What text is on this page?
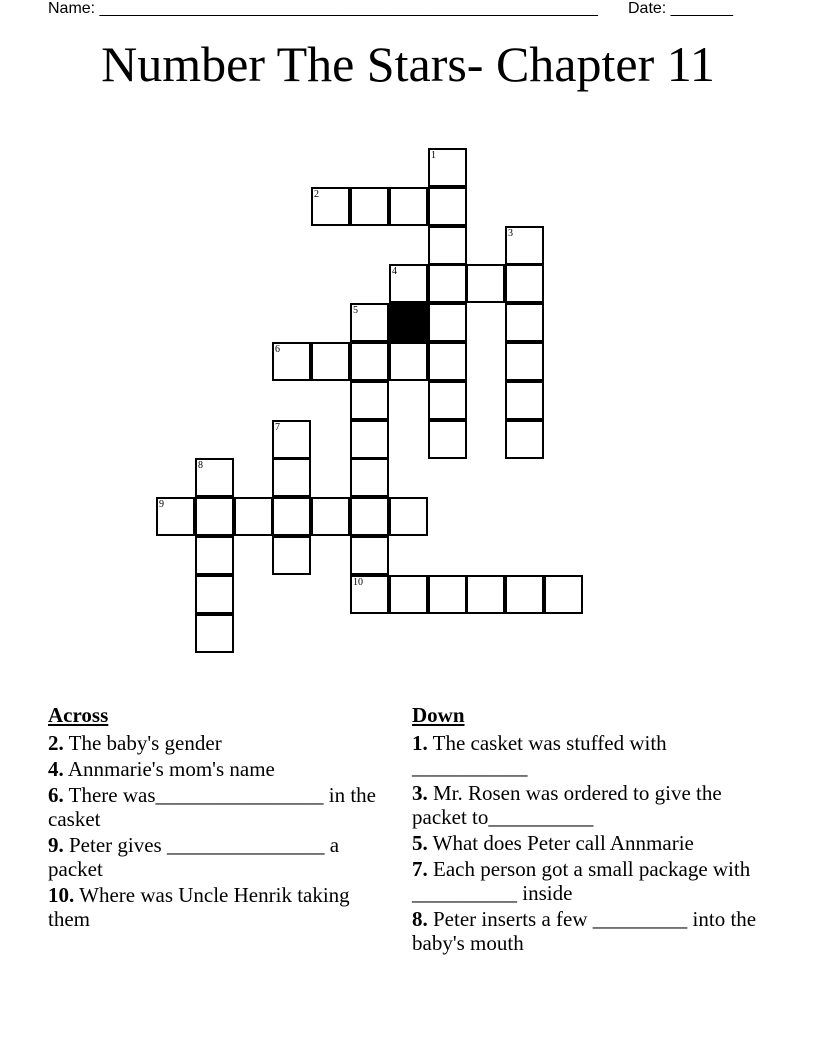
Name: ________________________________________________________ Date: _______
Number The Stars- Chapter 11
1
2
3
4
5
6
7
8
9
10
Across
2. The baby's gender
4. Annmarie's mom's name
6. There was________________ in the casket
9. Peter gives _______________ a packet
10. Where was Uncle Henrik taking them
Down
1. The casket was stuffed with ___________
3. Mr. Rosen was ordered to give the packet to__________
5. What does Peter call Annmarie
7. Each person got a small package with __________ inside
8. Peter inserts a few _________ into the baby's mouth
